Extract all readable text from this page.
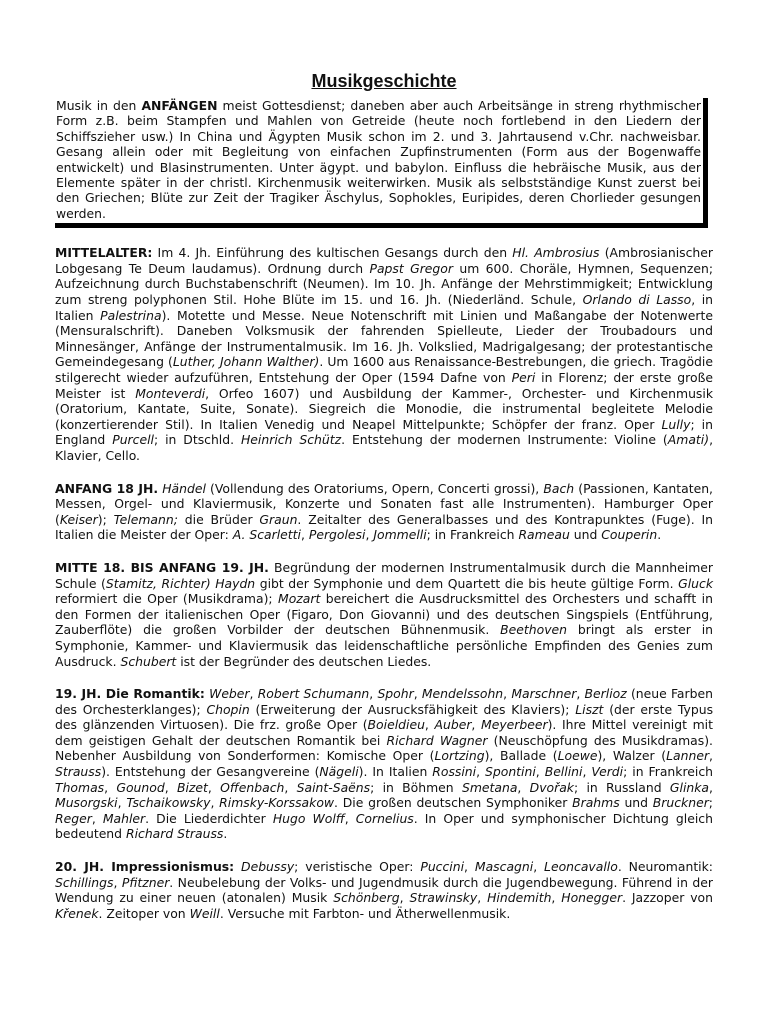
Musikgeschichte

Musik in den ANFÄNGEN meist Gottesdienst; daneben aber auch Arbeitsänge in streng rhythmischer Form z.B. beim Stampfen und Mahlen von Getreide (heute noch fortlebend in den Liedern der Schiffszieher usw.) In China und Ägypten Musik schon im 2. und 3. Jahrtausend v.Chr. nachweisbar. Gesang allein oder mit Begleitung von einfachen Zupfinstrumenten (Form aus der Bogenwaffe entwickelt) und Blasinstrumenten. Unter ägypt. und babylon. Einfluss die hebräische Musik, aus der Elemente später in der christl. Kirchenmusik weiterwirken. Musik als selbstständige Kunst zuerst bei den Griechen; Blüte zur Zeit der Tragiker Äschylus, Sophokles, Euripides, deren Chorlieder gesungen werden.

MITTELALTER: Im 4. Jh. Einführung des kultischen Gesangs durch den Hl. Ambrosius (Ambrosianischer Lobgesang Te Deum laudamus). Ordnung durch Papst Gregor um 600. Choräle, Hymnen, Sequenzen; Aufzeichnung durch Buchstabenschrift (Neumen). Im 10. Jh. Anfänge der Mehrstimmigkeit; Entwicklung zum streng polyphonen Stil. Hohe Blüte im 15. und 16. Jh. (Niederländ. Schule, Orlando di Lasso, in Italien Palestrina). Motette und Messe. Neue Notenschrift mit Linien und Maßangabe der Notenwerte (Mensuralschrift). Daneben Volksmusik der fahrenden Spielleute, Lieder der Troubadours und Minnesänger, Anfänge der Instrumentalmusik. Im 16. Jh. Volkslied, Madrigalgesang; der protestantische Gemeindegesang (Luther, Johann Walther). Um 1600 aus Renaissance-Bestrebungen, die griech. Tragödie stilgerecht wieder aufzuführen, Entstehung der Oper (1594 Dafne von Peri in Florenz; der erste große Meister ist Monteverdi, Orfeo 1607) und Ausbildung der Kammer-, Orchester- und Kirchenmusik (Oratorium, Kantate, Suite, Sonate). Siegreich die Monodie, die instrumental begleitete Melodie (konzertierender Stil). In Italien Venedig und Neapel Mittelpunkte; Schöpfer der franz. Oper Lully; in England Purcell; in Dtschld. Heinrich Schütz. Entstehung der modernen Instrumente: Violine (Amati), Klavier, Cello.

ANFANG 18 JH. Händel (Vollendung des Oratoriums, Opern, Concerti grossi), Bach (Passionen, Kantaten, Messen, Orgel- und Klaviermusik, Konzerte und Sonaten fast alle Instrumenten). Hamburger Oper (Keiser); Telemann; die Brüder Graun. Zeitalter des Generalbasses und des Kontrapunktes (Fuge). In Italien die Meister der Oper: A. Scarletti, Pergolesi, Jommelli; in Frankreich Rameau und Couperin.

MITTE 18. BIS ANFANG 19. JH. Begründung der modernen Instrumentalmusik durch die Mannheimer Schule (Stamitz, Richter) Haydn gibt der Symphonie und dem Quartett die bis heute gültige Form. Gluck reformiert die Oper (Musikdrama); Mozart bereichert die Ausdrucksmittel des Orchesters und schafft in den Formen der italienischen Oper (Figaro, Don Giovanni) und des deutschen Singspiels (Entführung, Zauberflöte) die großen Vorbilder der deutschen Bühnenmusik. Beethoven bringt als erster in Symphonie, Kammer- und Klaviermusik das leidenschaftliche persönliche Empfinden des Genies zum Ausdruck. Schubert ist der Begründer des deutschen Liedes.

19. JH. Die Romantik: Weber, Robert Schumann, Spohr, Mendelssohn, Marschner, Berlioz (neue Farben des Orchesterklanges); Chopin (Erweiterung der Ausrucksfähigkeit des Klaviers); Liszt (der erste Typus des glänzenden Virtuosen). Die frz. große Oper (Boieldieu, Auber, Meyerbeer). Ihre Mittel vereinigt mit dem geistigen Gehalt der deutschen Romantik bei Richard Wagner (Neuschöpfung des Musikdramas). Nebenher Ausbildung von Sonderformen: Komische Oper (Lortzing), Ballade (Loewe), Walzer (Lanner, Strauss). Entstehung der Gesangvereine (Nägeli). In Italien Rossini, Spontini, Bellini, Verdi; in Frankreich Thomas, Gounod, Bizet, Offenbach, Saint-Saëns; in Böhmen Smetana, Dvořak; in Russland Glinka, Musorgski, Tschaikowsky, Rimsky-Korssakow. Die großen deutschen Symphoniker Brahms und Bruckner; Reger, Mahler. Die Liederdichter Hugo Wolff, Cornelius. In Oper und symphonischer Dichtung gleich bedeutend Richard Strauss.

20. JH. Impressionismus: Debussy; veristische Oper: Puccini, Mascagni, Leoncavallo. Neuromantik: Schillings, Pfitzner. Neubelebung der Volks- und Jugendmusik durch die Jugendbewegung. Führend in der Wendung zu einer neuen (atonalen) Musik Schönberg, Strawinsky, Hindemith, Honegger. Jazzoper von Křenek. Zeitoper von Weill. Versuche mit Farbton- und Ätherwellenmusik.
